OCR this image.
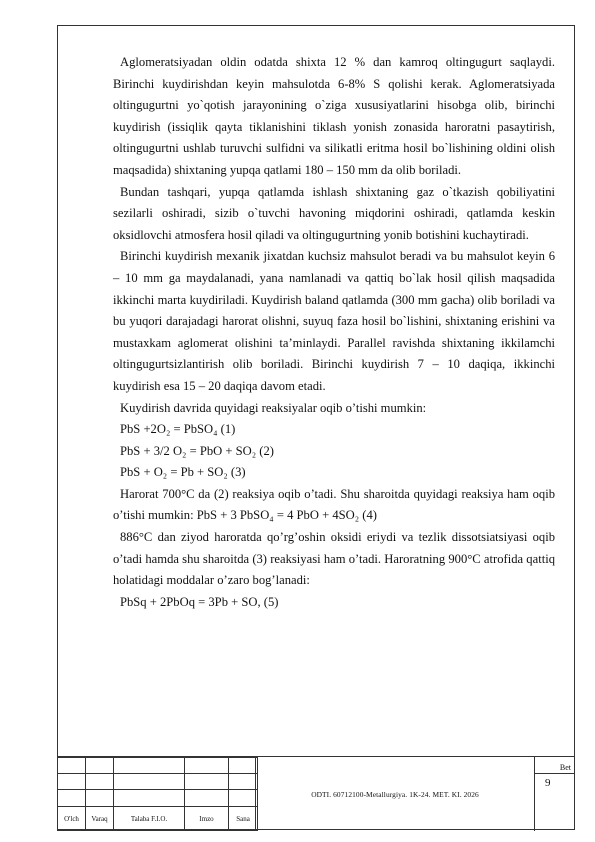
Aglomeratsiyadan oldin odatda shixta 12 % dan kamroq oltingugurt saqlaydi. Birinchi kuydirishdan keyin mahsulotda 6-8% S qolishi kerak. Aglomeratsiyada oltingugurtni yo`qotish jarayonining o`ziga xususiyatlarini hisobga olib, birinchi kuydirish (issiqlik qayta tiklanishini tiklash yonish zonasida haroratni pasaytirish, oltingugurtni ushlab turuvchi sulfidni va silikatli eritma hosil bo`lishining oldini olish maqsadida) shixtaning yupqa qatlami 180 – 150 mm da olib boriladi.

Bundan tashqari, yupqa qatlamda ishlash shixtaning gaz o`tkazish qobiliyatini sezilarli oshiradi, sizib o`tuvchi havoning miqdorini oshiradi, qatlamda keskin oksidlovchi atmosfera hosil qiladi va oltingugurtning yonib botishini kuchaytiradi.

Birinchi kuydirish mexanik jixatdan kuchsiz mahsulot beradi va bu mahsulot keyin 6 – 10 mm ga maydalanadi, yana namlanadi va qattiq bo`lak hosil qilish maqsadida ikkinchi marta kuydiriladi. Kuydirish baland qatlamda (300 mm gacha) olib boriladi va bu yuqori darajadagi harorat olishni, suyuq faza hosil bo`lishini, shixtaning erishini va mustaxkam aglomerat olishini ta’minlaydi. Parallel ravishda shixtaning ikkilamchi oltingugurtsizlantirish olib boriladi. Birinchi kuydirish 7 – 10 daqiqa, ikkinchi kuydirish esa 15 – 20 daqiqa davom etadi.

Kuydirish davrida quyidagi reaksiyalar oqib o’tishi mumkin:

PbS +2O₂ = PbSO₄ (1)

PbS + 3/2 O₂ = PbO + SO₂ (2)

PbS + O₂ = Pb + SO₂ (3)

Harorat 700°C da (2) reaksiya oqib o’tadi. Shu sharoitda quyidagi reaksiya ham oqib o’tishi mumkin: PbS + 3 PbSO₄ = 4 PbO + 4SO₂ (4)

886°C dan ziyod haroratda qo’rg’oshin oksidi eriydi va tezlik dissotsiatsiyasi oqib o’tadi hamda shu sharoitda (3) reaksiyasi ham o’tadi. Haroratning 900°C atrofida qattiq holatidagi moddalar o’zaro bog’lanadi:

PbSq + 2PbOq = 3Pb + SO, (5)

O'lch	Varaq	Talaba F.I.O.	Imzo	Sana
ODTI. 60712100-Metallurgiya. 1K-24. MET. KI. 2026
Bet
9
